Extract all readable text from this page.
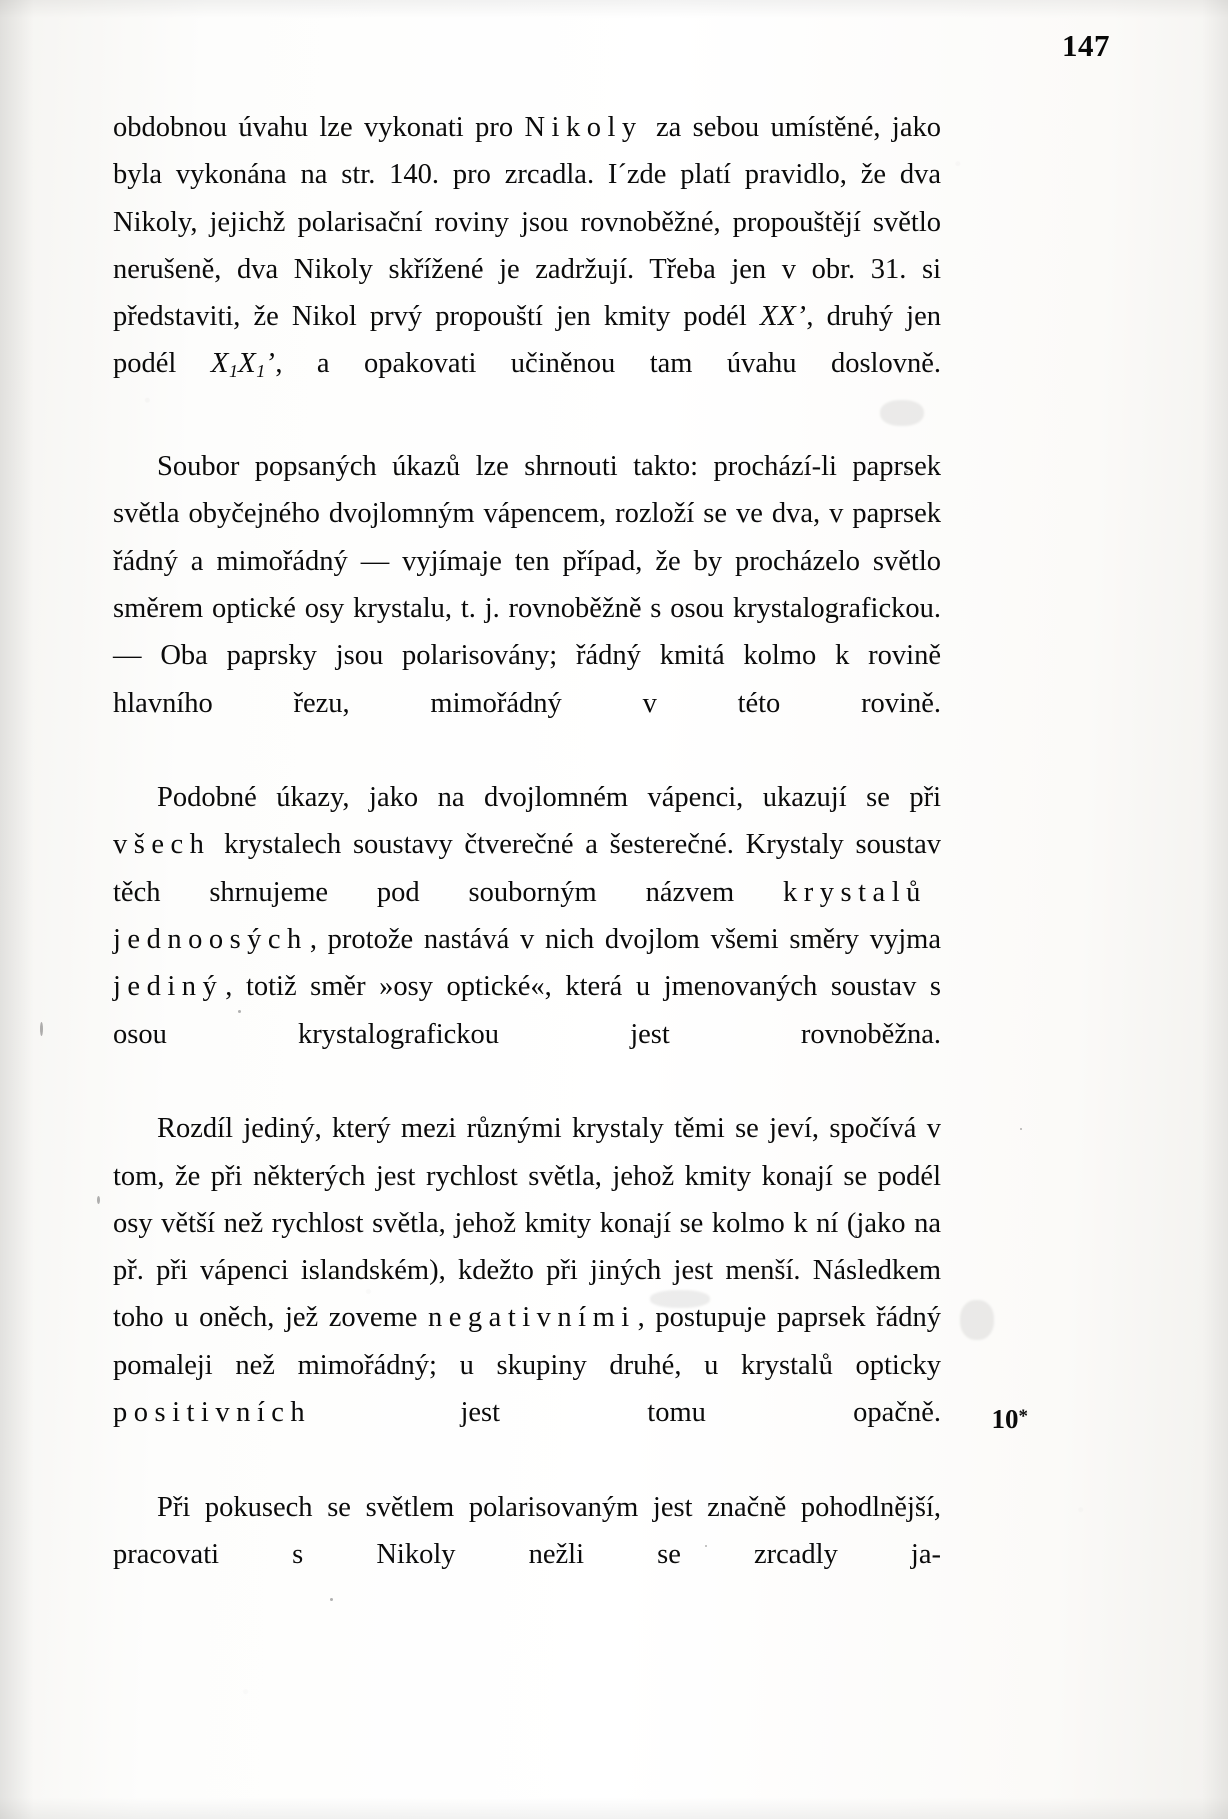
147

obdobnou úvahu lze vykonati pro Nikoly za sebou umístěné, jako byla vykonána na str. 140. pro zrcadla. I´zde platí pravidlo, že dva Nikoly, jejichž polarisační roviny jsou rovnoběžné, propouštějí světlo nerušeně, dva Nikoly skřížené je zadržují. Třeba jen v obr. 31. si představiti, že Nikol prvý propouští jen kmity podél XX’, druhý jen podél $X_1X_1$’, a opakovati učiněnou tam úvahu doslovně.

Soubor popsaných úkazů lze shrnouti takto: prochází-li paprsek světla obyčejného dvojlomným vápencem, rozloží se ve dva, v paprsek řádný a mimořádný — vyjímaje ten případ, že by procházelo světlo směrem optické osy krystalu, t. j. rovnoběžně s osou krystalografickou. — Oba paprsky jsou polarisovány; řádný kmitá kolmo k rovině hlavního řezu, mimořádný v této rovině.

Podobné úkazy, jako na dvojlomném vápenci, ukazují se při všech krystalech soustavy čtverečné a šesterečné. Krystaly soustav těch shrnujeme pod souborným názvem krystalů  jednoosých, protože nastává v nich dvojlom všemi směry vyjma jediný, totiž směr »osy optické«, která u jmenovaných soustav s osou krystalografickou jest rovnoběžna.

Rozdíl jediný, který mezi různými krystaly těmi se jeví, spočívá v tom, že při některých jest rychlost světla, jehož kmity konají se podél osy větší než rychlost světla, jehož kmity konají se kolmo k ní (jako na př. při vápenci islandském), kdežto při jiných jest menší. Následkem toho u oněch, jež zoveme negativními, postupuje paprsek řádný pomaleji než mimořádný; u skupiny druhé, u krystalů opticky positivních jest tomu opačně.

Při pokusech se světlem polarisovaným jest značně pohodlnější, pracovati s Nikoly nežli se zrcadly ja-

10*
